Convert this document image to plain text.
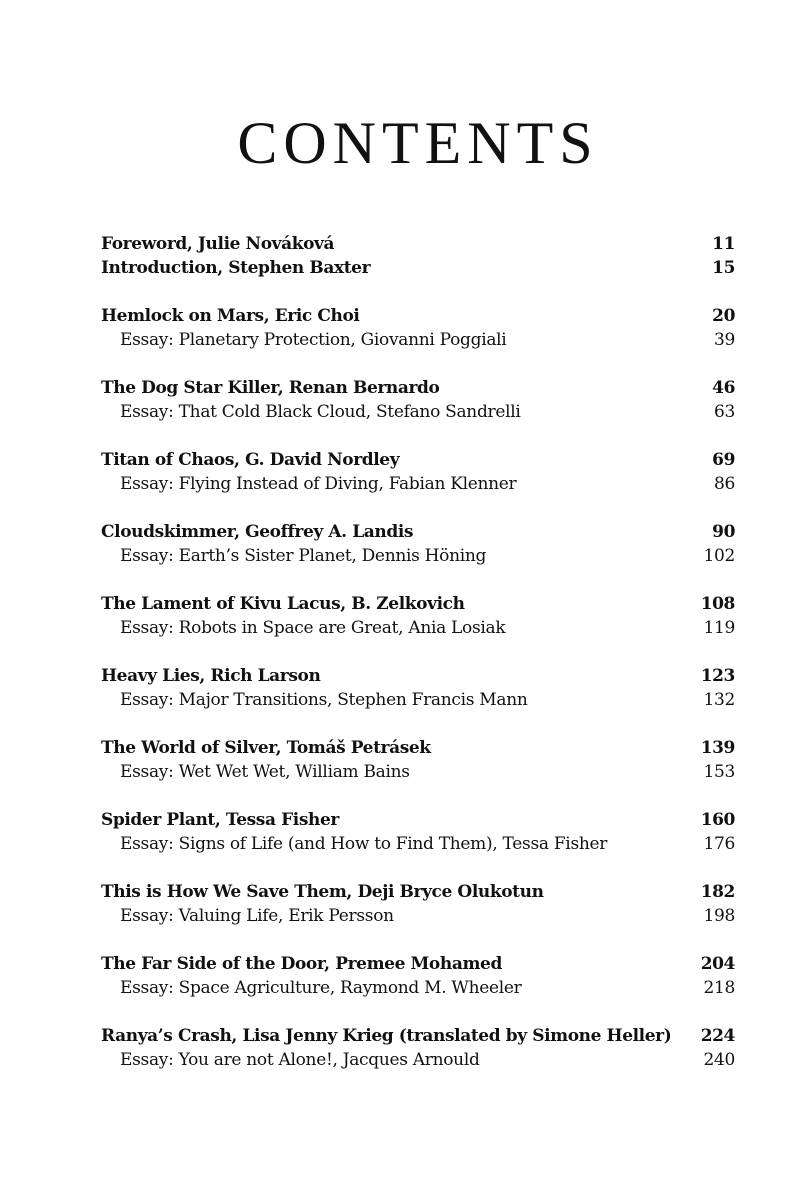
CONTENTS
Foreword, Julie Nováková	11
Introduction, Stephen Baxter	15
Hemlock on Mars, Eric Choi	20
Essay: Planetary Protection, Giovanni Poggiali	39
The Dog Star Killer, Renan Bernardo	46
Essay: That Cold Black Cloud, Stefano Sandrelli	63
Titan of Chaos, G. David Nordley	69
Essay: Flying Instead of Diving, Fabian Klenner	86
Cloudskimmer, Geoffrey A. Landis	90
Essay: Earth’s Sister Planet, Dennis Höning	102
The Lament of Kivu Lacus, B. Zelkovich	108
Essay: Robots in Space are Great, Ania Losiak	119
Heavy Lies, Rich Larson	123
Essay: Major Transitions, Stephen Francis Mann	132
The World of Silver, Tomáš Petrásek	139
Essay: Wet Wet Wet, William Bains	153
Spider Plant, Tessa Fisher	160
Essay: Signs of Life (and How to Find Them), Tessa Fisher	176
This is How We Save Them, Deji Bryce Olukotun	182
Essay: Valuing Life, Erik Persson	198
The Far Side of the Door, Premee Mohamed	204
Essay: Space Agriculture, Raymond M. Wheeler	218
Ranya’s Crash, Lisa Jenny Krieg (translated by Simone Heller) 224
Essay: You are not Alone!, Jacques Arnould	240
